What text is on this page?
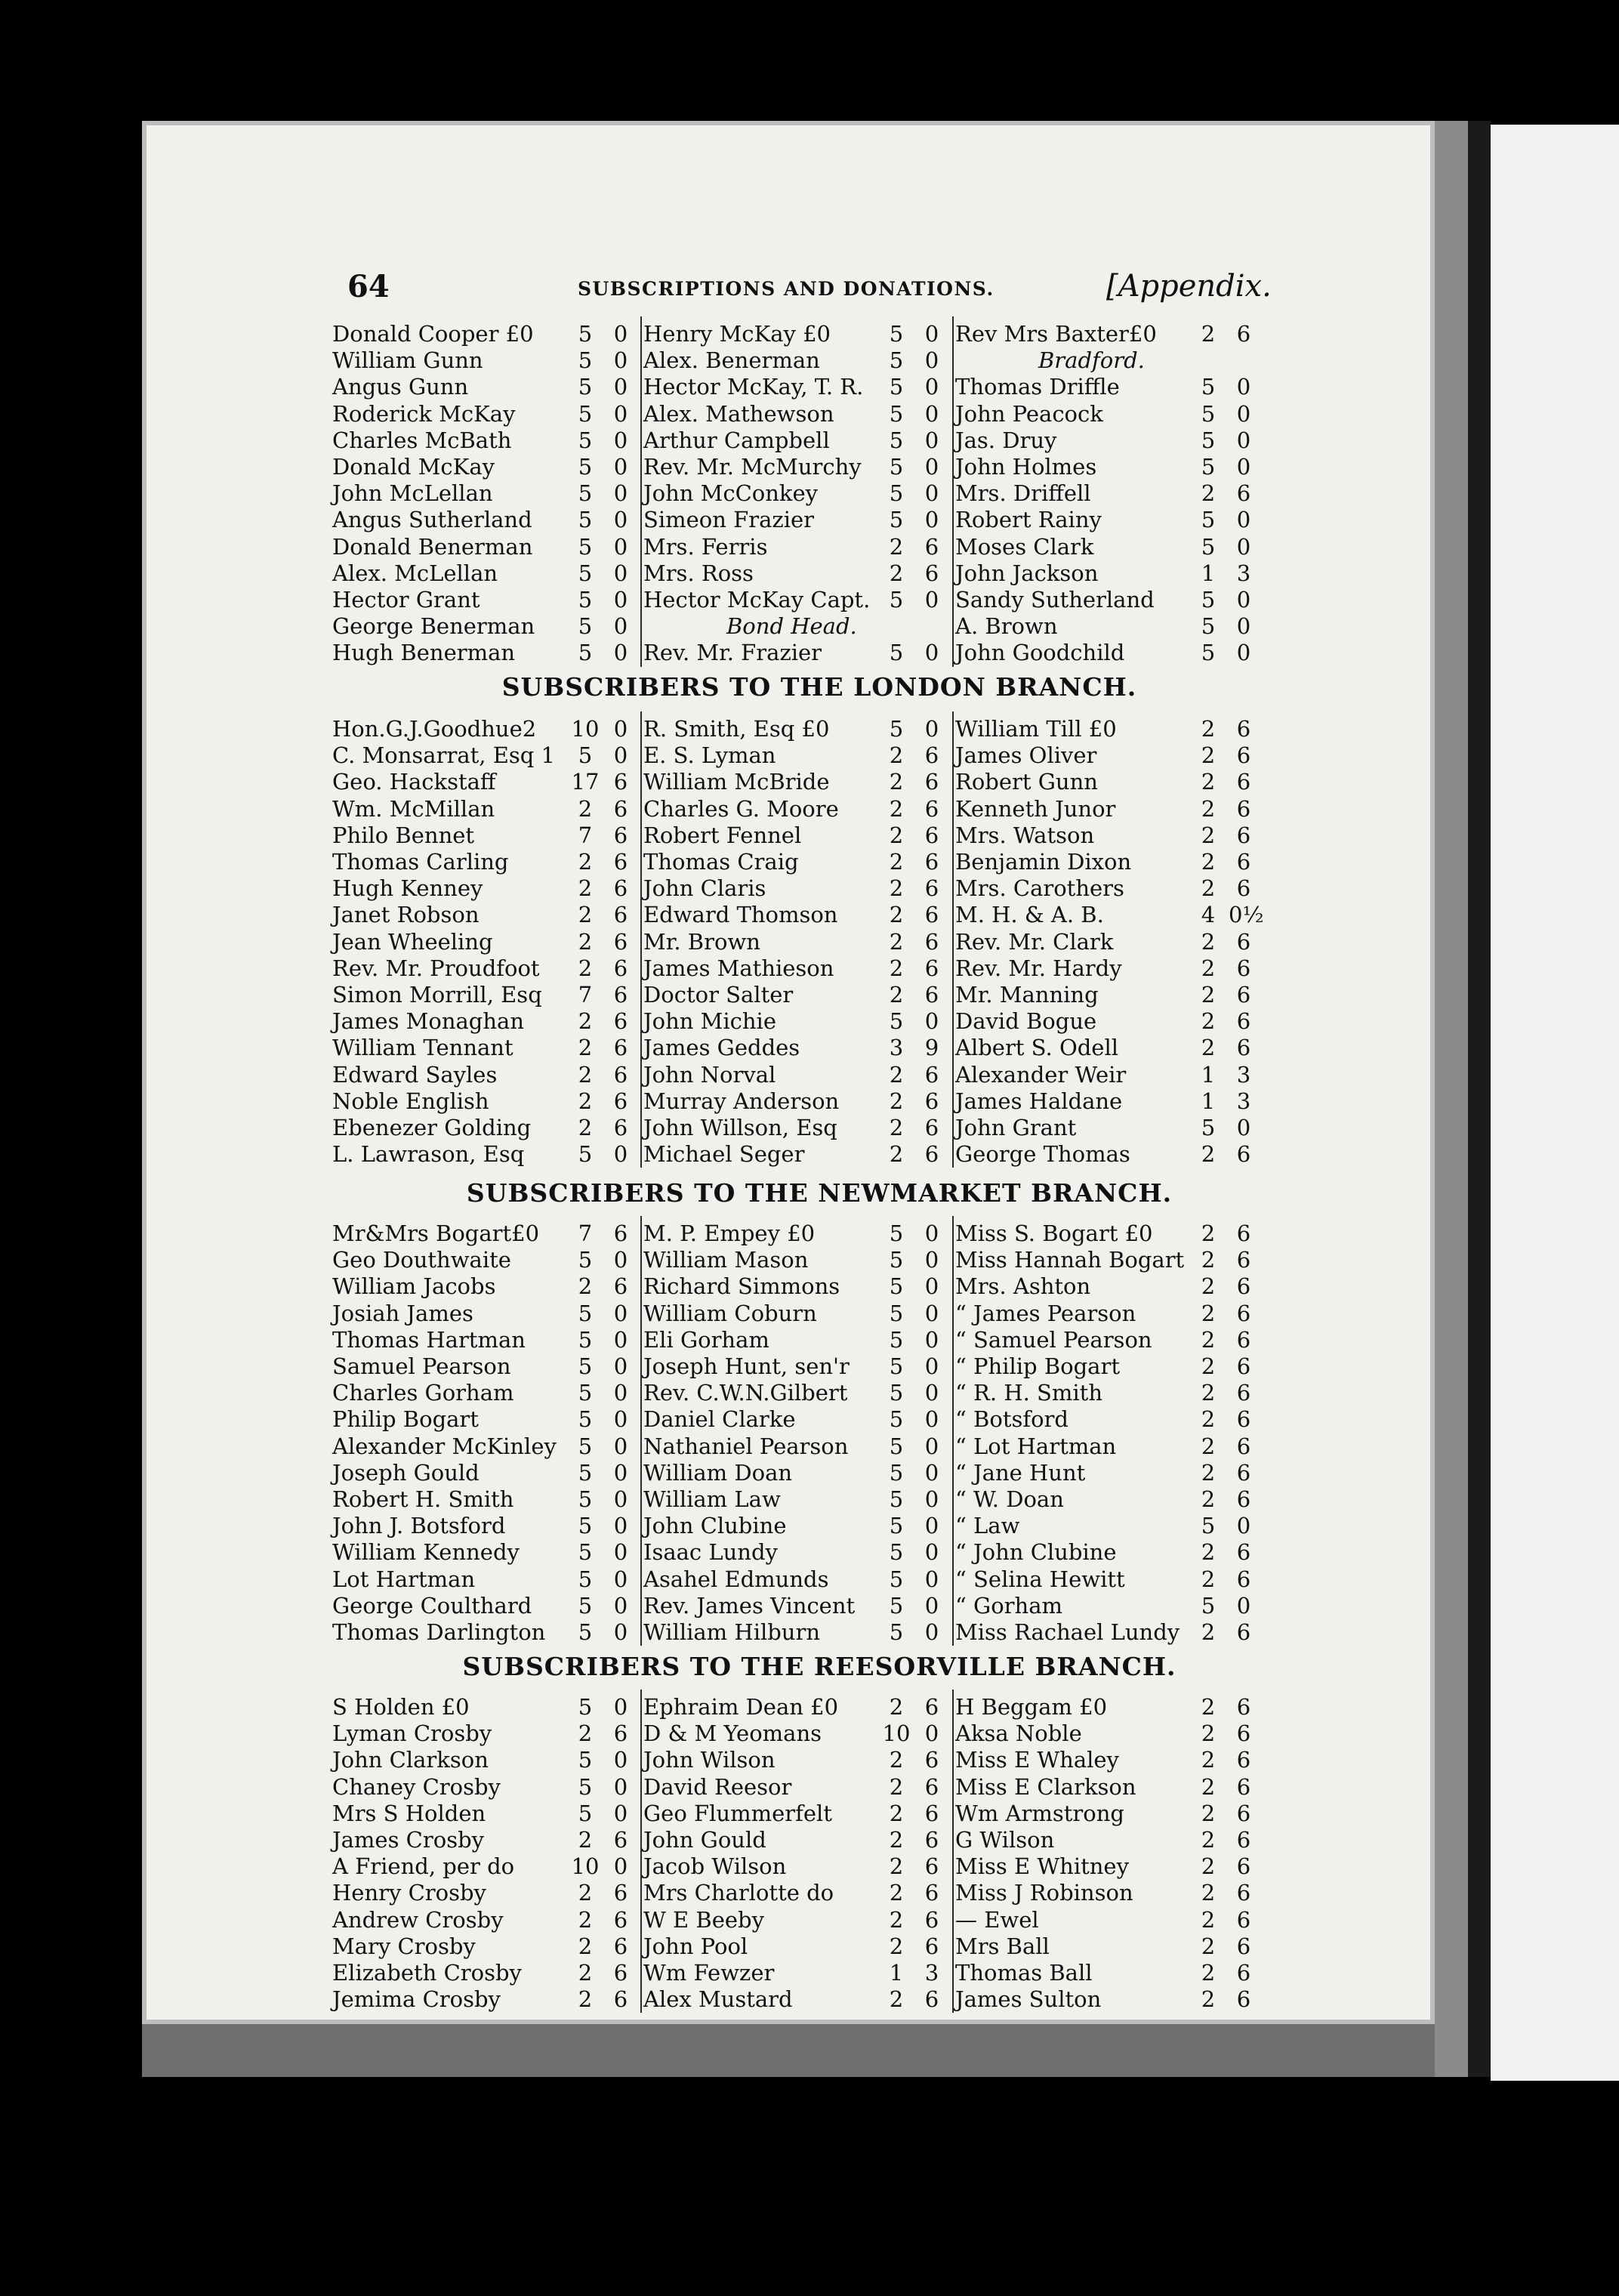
64	SUBSCRIPTIONS AND DONATIONS.	[Appendix.
SUBSCRIBERS TO THE LONDON BRANCH.
SUBSCRIBERS TO THE NEWMARKET BRANCH.
SUBSCRIBERS TO THE REESORVILLE BRANCH.
Donald Cooper £0	5 0
William Gunn	5 0
Angus Gunn	5 0
Roderick McKay	5 0
Charles McBath	5 0
Donald McKay	5 0
John McLellan	5 0
Angus Sutherland	5 0
Donald Benerman	5 0
Alex. McLellan	5 0
Hector Grant	5 0
George Benerman	5 0
Hugh Benerman	5 0
Henry McKay £0	5 0
Alex. Benerman	5 0
Hector McKay, T. R.	5 0
Alex. Mathewson	5 0
Arthur Campbell	5 0
Rev. Mr. McMurchy	5 0
John McConkey	5 0
Simeon Frazier	5 0
Mrs. Ferris	2 6
Mrs. Ross	2 6
Hector McKay Capt. 5 0
Bond Head.
Rev. Mr. Frazier	5 0
Rev Mrs Baxter£0	2 6
Bradford.
Thomas Driffle	5 0
John Peacock	5 0
Jas. Druy	5 0
John Holmes	5 0
Mrs. Driffell	2 6
Robert Rainy	5 0
Moses Clark	5 0
John Jackson	1 3
Sandy Sutherland	5 0
A. Brown	5 0
John Goodchild	5 0
Hon.G.J.Goodhue2 10 0
C. Monsarrat, Esq 1	5 0
Geo. Hackstaff	17 6
Wm. McMillan	2 6
Philo Bennet	7 6
Thomas Carling	2 6
Hugh Kenney	2 6
Janet Robson	2 6
Jean Wheeling	2 6
Rev. Mr. Proudfoot	2 6
Simon Morrill, Esq	7 6
James Monaghan	2 6
William Tennant	2 6
Edward Sayles	2 6
Noble English	2 6
Ebenezer Golding	2 6
L. Lawrason, Esq	5 0
R. Smith, Esq £0	5 0
E. S. Lyman	2 6
William McBride	2 6
Charles G. Moore	2 6
Robert Fennel	2 6
Thomas Craig	2 6
John Claris	2 6
Edward Thomson	2 6
Mr. Brown	2 6
James Mathieson	2 6
Doctor Salter	2 6
John Michie	5 0
James Geddes	3 9
John Norval	2 6
Murray Anderson	2 6
John Willson, Esq	2 6
Michael Seger	2 6
William Till £0	2 6
James Oliver	2 6
Robert Gunn	2 6
Kenneth Junor	2 6
Mrs. Watson	2 6
Benjamin Dixon	2 6
Mrs. Carothers	2 6
M. H. & A. B.	4 0½
Rev. Mr. Clark	2 6
Rev. Mr. Hardy	2 6
Mr. Manning	2 6
David Bogue	2 6
Albert S. Odell	2 6
Alexander Weir	1 3
James Haldane	1 3
John Grant	5 0
George Thomas	2 6
Mr&Mrs Bogart£0	7 6
Geo Douthwaite	5 0
William Jacobs	2 6
Josiah James	5 0
Thomas Hartman	5 0
Samuel Pearson	5 0
Charles Gorham	5 0
Philip Bogart	5 0
Alexander McKinley 5 0
Joseph Gould	5 0
Robert H. Smith	5 0
John J. Botsford	5 0
William Kennedy	5 0
Lot Hartman	5 0
George Coulthard	5 0
Thomas Darlington	5 0
M. P. Empey £0	5 0
William Mason	5 0
Richard Simmons	5 0
William Coburn	5 0
Eli Gorham	5 0
Joseph Hunt, sen'r	5 0
Rev. C.W.N.Gilbert	5 0
Daniel Clarke	5 0
Nathaniel Pearson	5 0
William Doan	5 0
William Law	5 0
John Clubine	5 0
Isaac Lundy	5 0
Asahel Edmunds	5 0
Rev. James Vincent	5 0
William Hilburn	5 0
Miss S. Bogart £0	2 6
Miss Hannah Bogart 2 6
Mrs. Ashton	2 6
“ James Pearson	2 6
“ Samuel Pearson	2 6
“ Philip Bogart	2 6
“ R. H. Smith	2 6
“ Botsford	2 6
“ Lot Hartman	2 6
“ Jane Hunt	2 6
“ W. Doan	2 6
“ Law	5 0
“ John Clubine	2 6
“ Selina Hewitt	2 6
“ Gorham	5 0
Miss Rachael Lundy 2 6
S Holden £0	5 0
Lyman Crosby	2 6
John Clarkson	5 0
Chaney Crosby	5 0
Mrs S Holden	5 0
James Crosby	2 6
A Friend, per do	10 0
Henry Crosby	2 6
Andrew Crosby	2 6
Mary Crosby	2 6
Elizabeth Crosby	2 6
Jemima Crosby	2 6
Ephraim Dean £0	2 6
D & M Yeomans	10 0
John Wilson	2 6
David Reesor	2 6
Geo Flummerfelt	2 6
John Gould	2 6
Jacob Wilson	2 6
Mrs Charlotte do	2 6
W E Beeby	2 6
John Pool	2 6
Wm Fewzer	1 3
Alex Mustard	2 6
H Beggam £0	2 6
Aksa Noble	2 6
Miss E Whaley	2 6
Miss E Clarkson	2 6
Wm Armstrong	2 6
G Wilson	2 6
Miss E Whitney	2 6
Miss J Robinson	2 6
— Ewel	2 6
Mrs Ball	2 6
Thomas Ball	2 6
James Sulton	2 6
